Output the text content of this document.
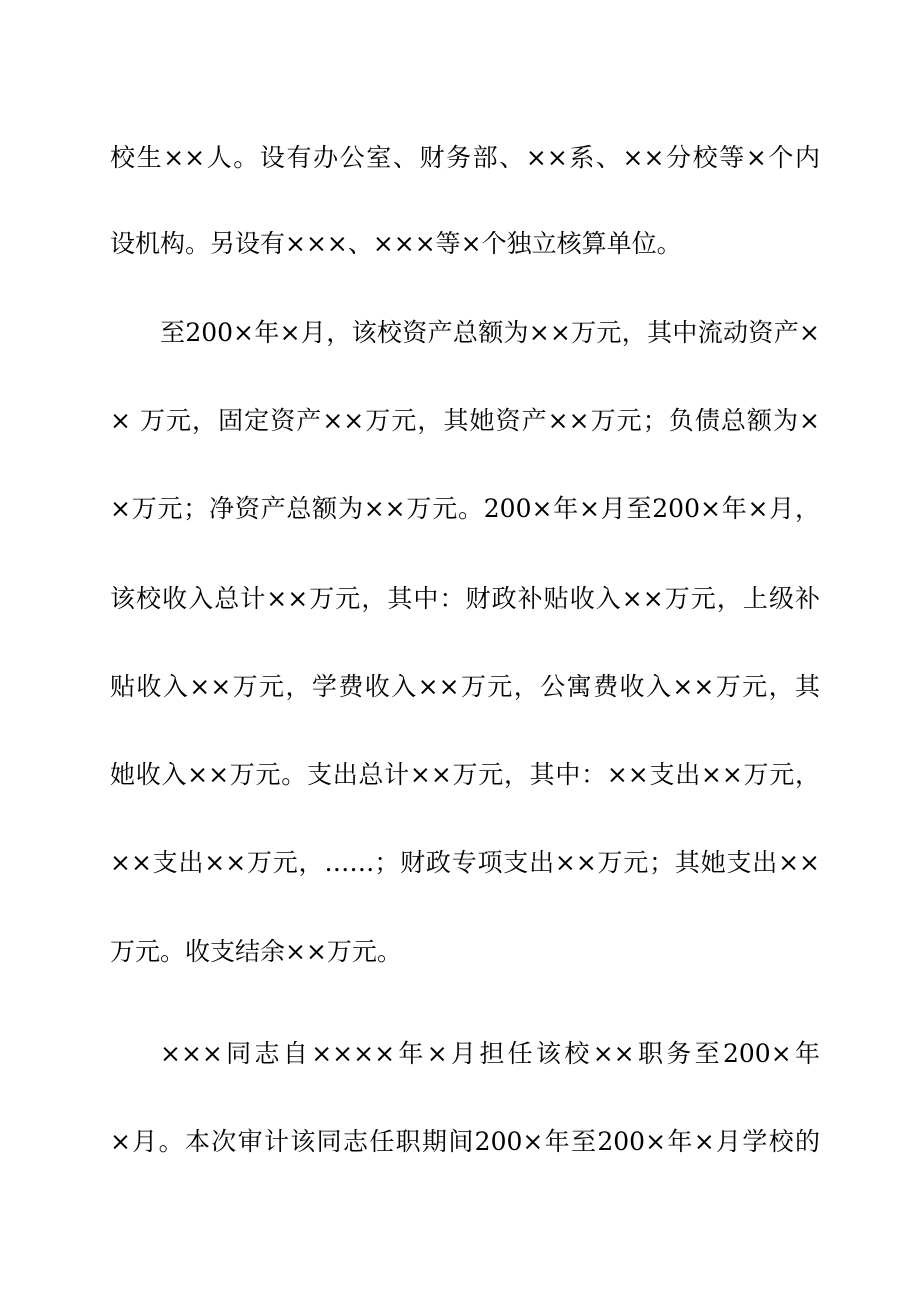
校生××人。设有办公室、财务部、××系、××分校等×个内
设机构。另设有×××、×××等×个独立核算单位。
至200×年×月，该校资产总额为××万元，其中流动资产×
× 万元，固定资产××万元，其她资产××万元；负债总额为×
×万元；净资产总额为××万元。200×年×月至200×年×月，
该校收入总计××万元，其中：财政补贴收入××万元，上级补
贴收入××万元，学费收入××万元，公寓费收入××万元，其
她收入××万元。支出总计××万元，其中：××支出××万元，
××支出××万元，……；财政专项支出××万元；其她支出××
万元。收支结余××万元。
×××同志自××××年×月担任该校××职务至200×年
×月。本次审计该同志任职期间200×年至200×年×月学校的
